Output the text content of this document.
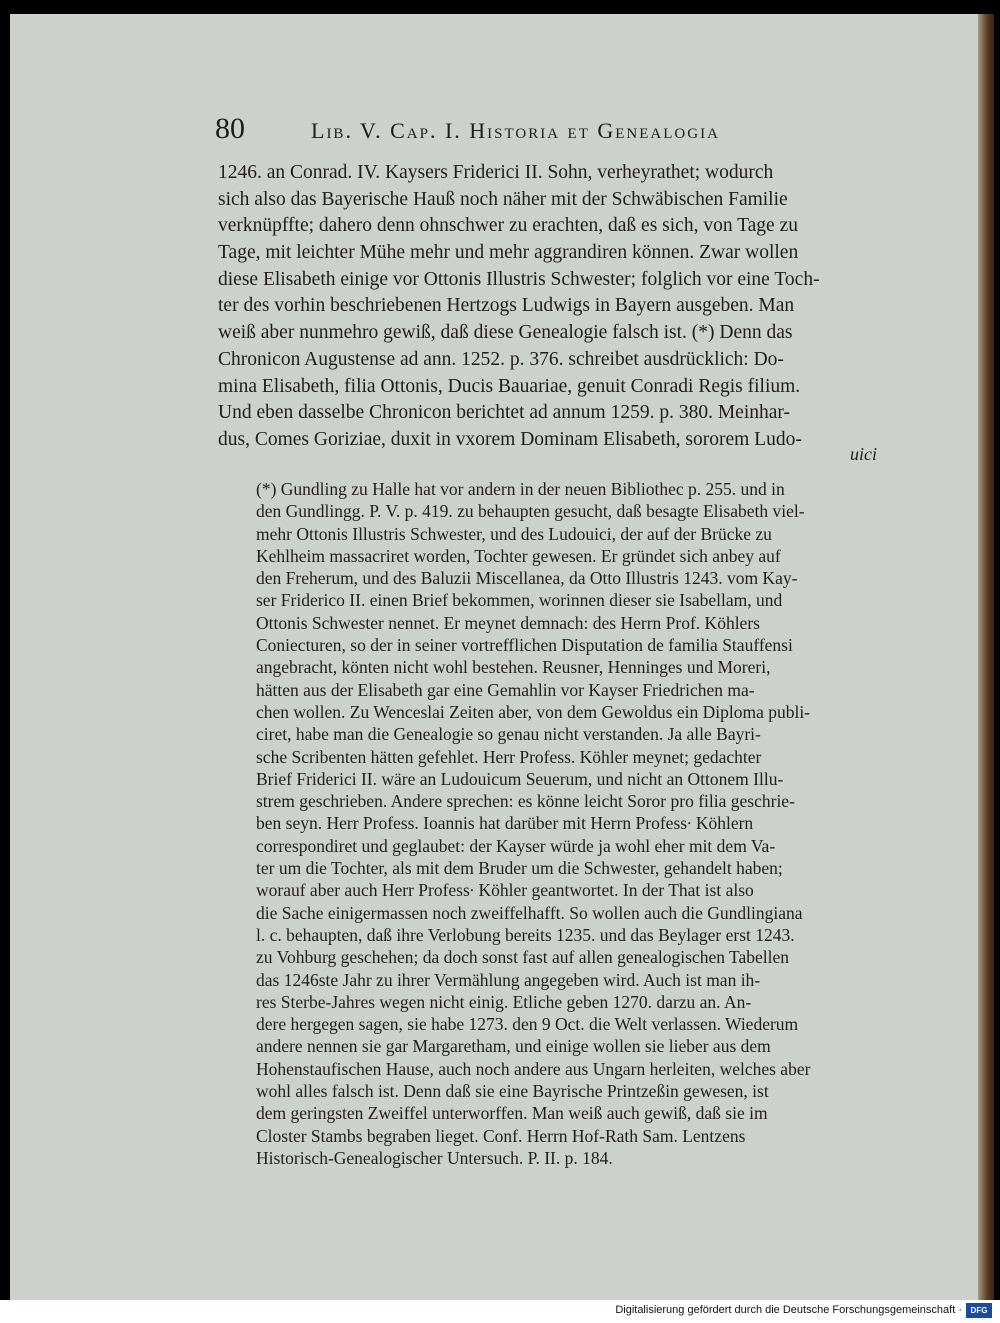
80	Lib. V. Cap. I. Historia et Genealogia
1246. an Conrad. IV. Kaysers Friderici II. Sohn, verheyrathet; wodurch
sich also das Bayerische Hauß noch näher mit der Schwäbischen Familie
verknüpffte; dahero denn ohnschwer zu erachten, daß es sich, von Tage zu
Tage, mit leichter Mühe mehr und mehr aggrandiren können. Zwar wollen
diese Elisabeth einige vor Ottonis Illustris Schwester; folglich vor eine Toch-
ter des vorhin beschriebenen Hertzogs Ludwigs in Bayern ausgeben. Man
weiß aber nunmehro gewiß, daß diese Genealogie falsch ist. (*) Denn das
Chronicon Augustense ad ann. 1252. p. 376. schreibet ausdrücklich: Do-
mina Elisabeth, filia Ottonis, Ducis Bauariae, genuit Conradi Regis filium.
Und eben dasselbe Chronicon berichtet ad annum 1259. p. 380. Meinhar-
dus, Comes Goriziae, duxit in vxorem Dominam Elisabeth, sororem Ludo-
uici
(*) Gundling zu Halle hat vor andern in der neuen Bibliothec p. 255. und in
den Gundlingg. P. V. p. 419. zu behaupten gesucht, daß besagte Elisabeth viel-
mehr Ottonis Illustris Schwester, und des Ludouici, der auf der Brücke zu
Kehlheim massacriret worden, Tochter gewesen. Er gründet sich anbey auf
den Freherum, und des Baluzii Miscellanea, da Otto Illustris 1243. vom Kay-
ser Friderico II. einen Brief bekommen, worinnen dieser sie Isabellam, und
Ottonis Schwester nennet. Er meynet demnach: des Herrn Prof. Köhlers
Coniecturen, so der in seiner vortrefflichen Disputation de familia Stauffensi
angebracht, könten nicht wohl bestehen. Reusner, Henninges und Moreri,
hätten aus der Elisabeth gar eine Gemahlin vor Kayser Friedrichen ma-
chen wollen. Zu Wenceslai Zeiten aber, von dem Gewoldus ein Diploma publi-
ciret, habe man die Genealogie so genau nicht verstanden. Ja alle Bayri-
sche Scribenten hätten gefehlet. Herr Profess. Köhler meynet; gedachter
Brief Friderici II. wäre an Ludouicum Seuerum, und nicht an Ottonem Illu-
strem geschrieben. Andere sprechen: es könne leicht Soror pro filia geschrie-
ben seyn. Herr Profess. Ioannis hat darüber mit Herrn Profess∙ Köhlern
correspondiret und geglaubet: der Kayser würde ja wohl eher mit dem Va-
ter um die Tochter, als mit dem Bruder um die Schwester, gehandelt haben;
worauf aber auch Herr Profess∙ Köhler geantwortet. In der That ist also
die Sache einigermassen noch zweiffelhafft. So wollen auch die Gundlingiana
l. c. behaupten, daß ihre Verlobung bereits 1235. und das Beylager erst 1243.
zu Vohburg geschehen; da doch sonst fast auf allen genealogischen Tabellen
das 1246ste Jahr zu ihrer Vermählung angegeben wird. Auch ist man ih-
res Sterbe-Jahres wegen nicht einig. Etliche geben 1270. darzu an. An-
dere hergegen sagen, sie habe 1273. den 9 Oct. die Welt verlassen. Wiederum
andere nennen sie gar Margaretham, und einige wollen sie lieber aus dem
Hohenstaufischen Hause, auch noch andere aus Ungarn herleiten, welches aber
wohl alles falsch ist. Denn daß sie eine Bayrische Printzeßin gewesen, ist
dem geringsten Zweiffel unterworffen. Man weiß auch gewiß, daß sie im
Closter Stambs begraben lieget. Conf. Herrn Hof-Rath Sam. Lentzens
Historisch-Genealogischer Untersuch. P. II. p. 184.
Digitalisierung gefördert durch die Deutsche Forschungsgemeinschaft ·	DFG
